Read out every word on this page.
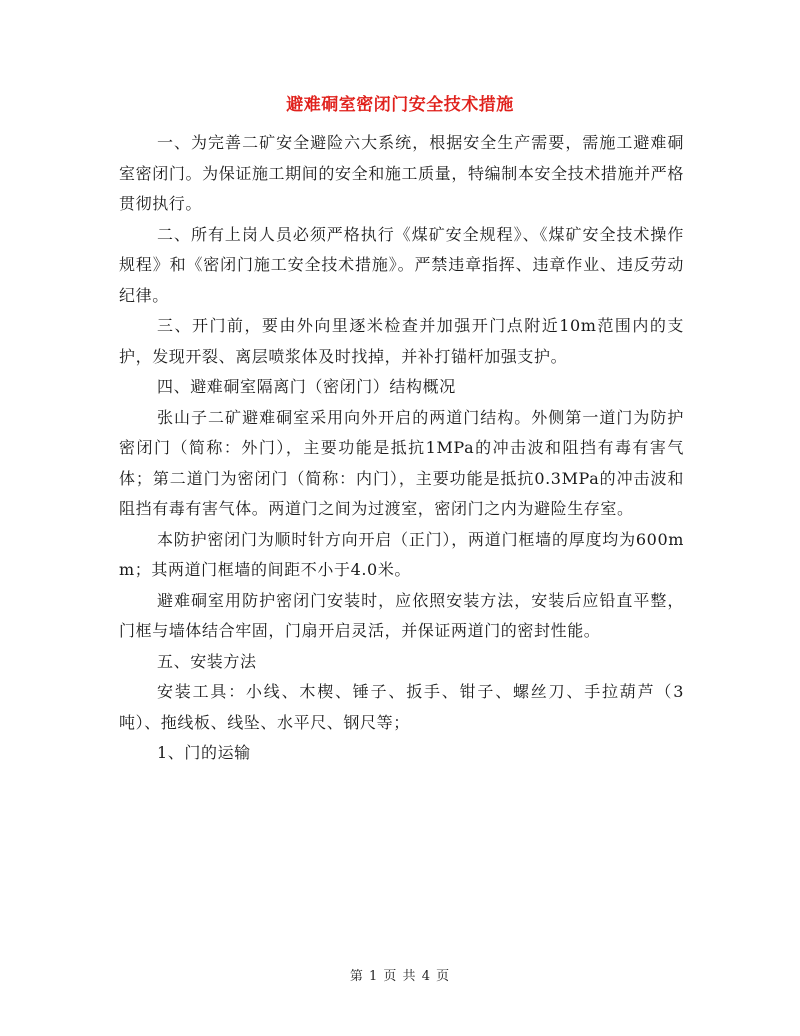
避难硐室密闭门安全技术措施

一、为完善二矿安全避险六大系统，根据安全生产需要，需施工避难硐室密闭门。为保证施工期间的安全和施工质量，特编制本安全技术措施并严格贯彻执行。

二、所有上岗人员必须严格执行《煤矿安全规程》、《煤矿安全技术操作规程》和《密闭门施工安全技术措施》。严禁违章指挥、违章作业、违反劳动纪律。

三、开门前，要由外向里逐米检查并加强开门点附近10m范围内的支护，发现开裂、离层喷浆体及时找掉，并补打锚杆加强支护。

四、避难硐室隔离门（密闭门）结构概况

张山子二矿避难硐室采用向外开启的两道门结构。外侧第一道门为防护密闭门（简称：外门），主要功能是抵抗1MPa的冲击波和阻挡有毒有害气体；第二道门为密闭门（简称：内门），主要功能是抵抗0.3MPa的冲击波和阻挡有毒有害气体。两道门之间为过渡室，密闭门之内为避险生存室。

本防护密闭门为顺时针方向开启（正门），两道门框墙的厚度均为600mm；其两道门框墙的间距不小于4.0米。

避难硐室用防护密闭门安装时，应依照安装方法，安装后应铅直平整，门框与墙体结合牢固，门扇开启灵活，并保证两道门的密封性能。

五、安装方法

安装工具：小线、木楔、锤子、扳手、钳子、螺丝刀、手拉葫芦（3吨）、拖线板、线坠、水平尺、钢尺等；

1、门的运输

第 1 页 共 4 页
